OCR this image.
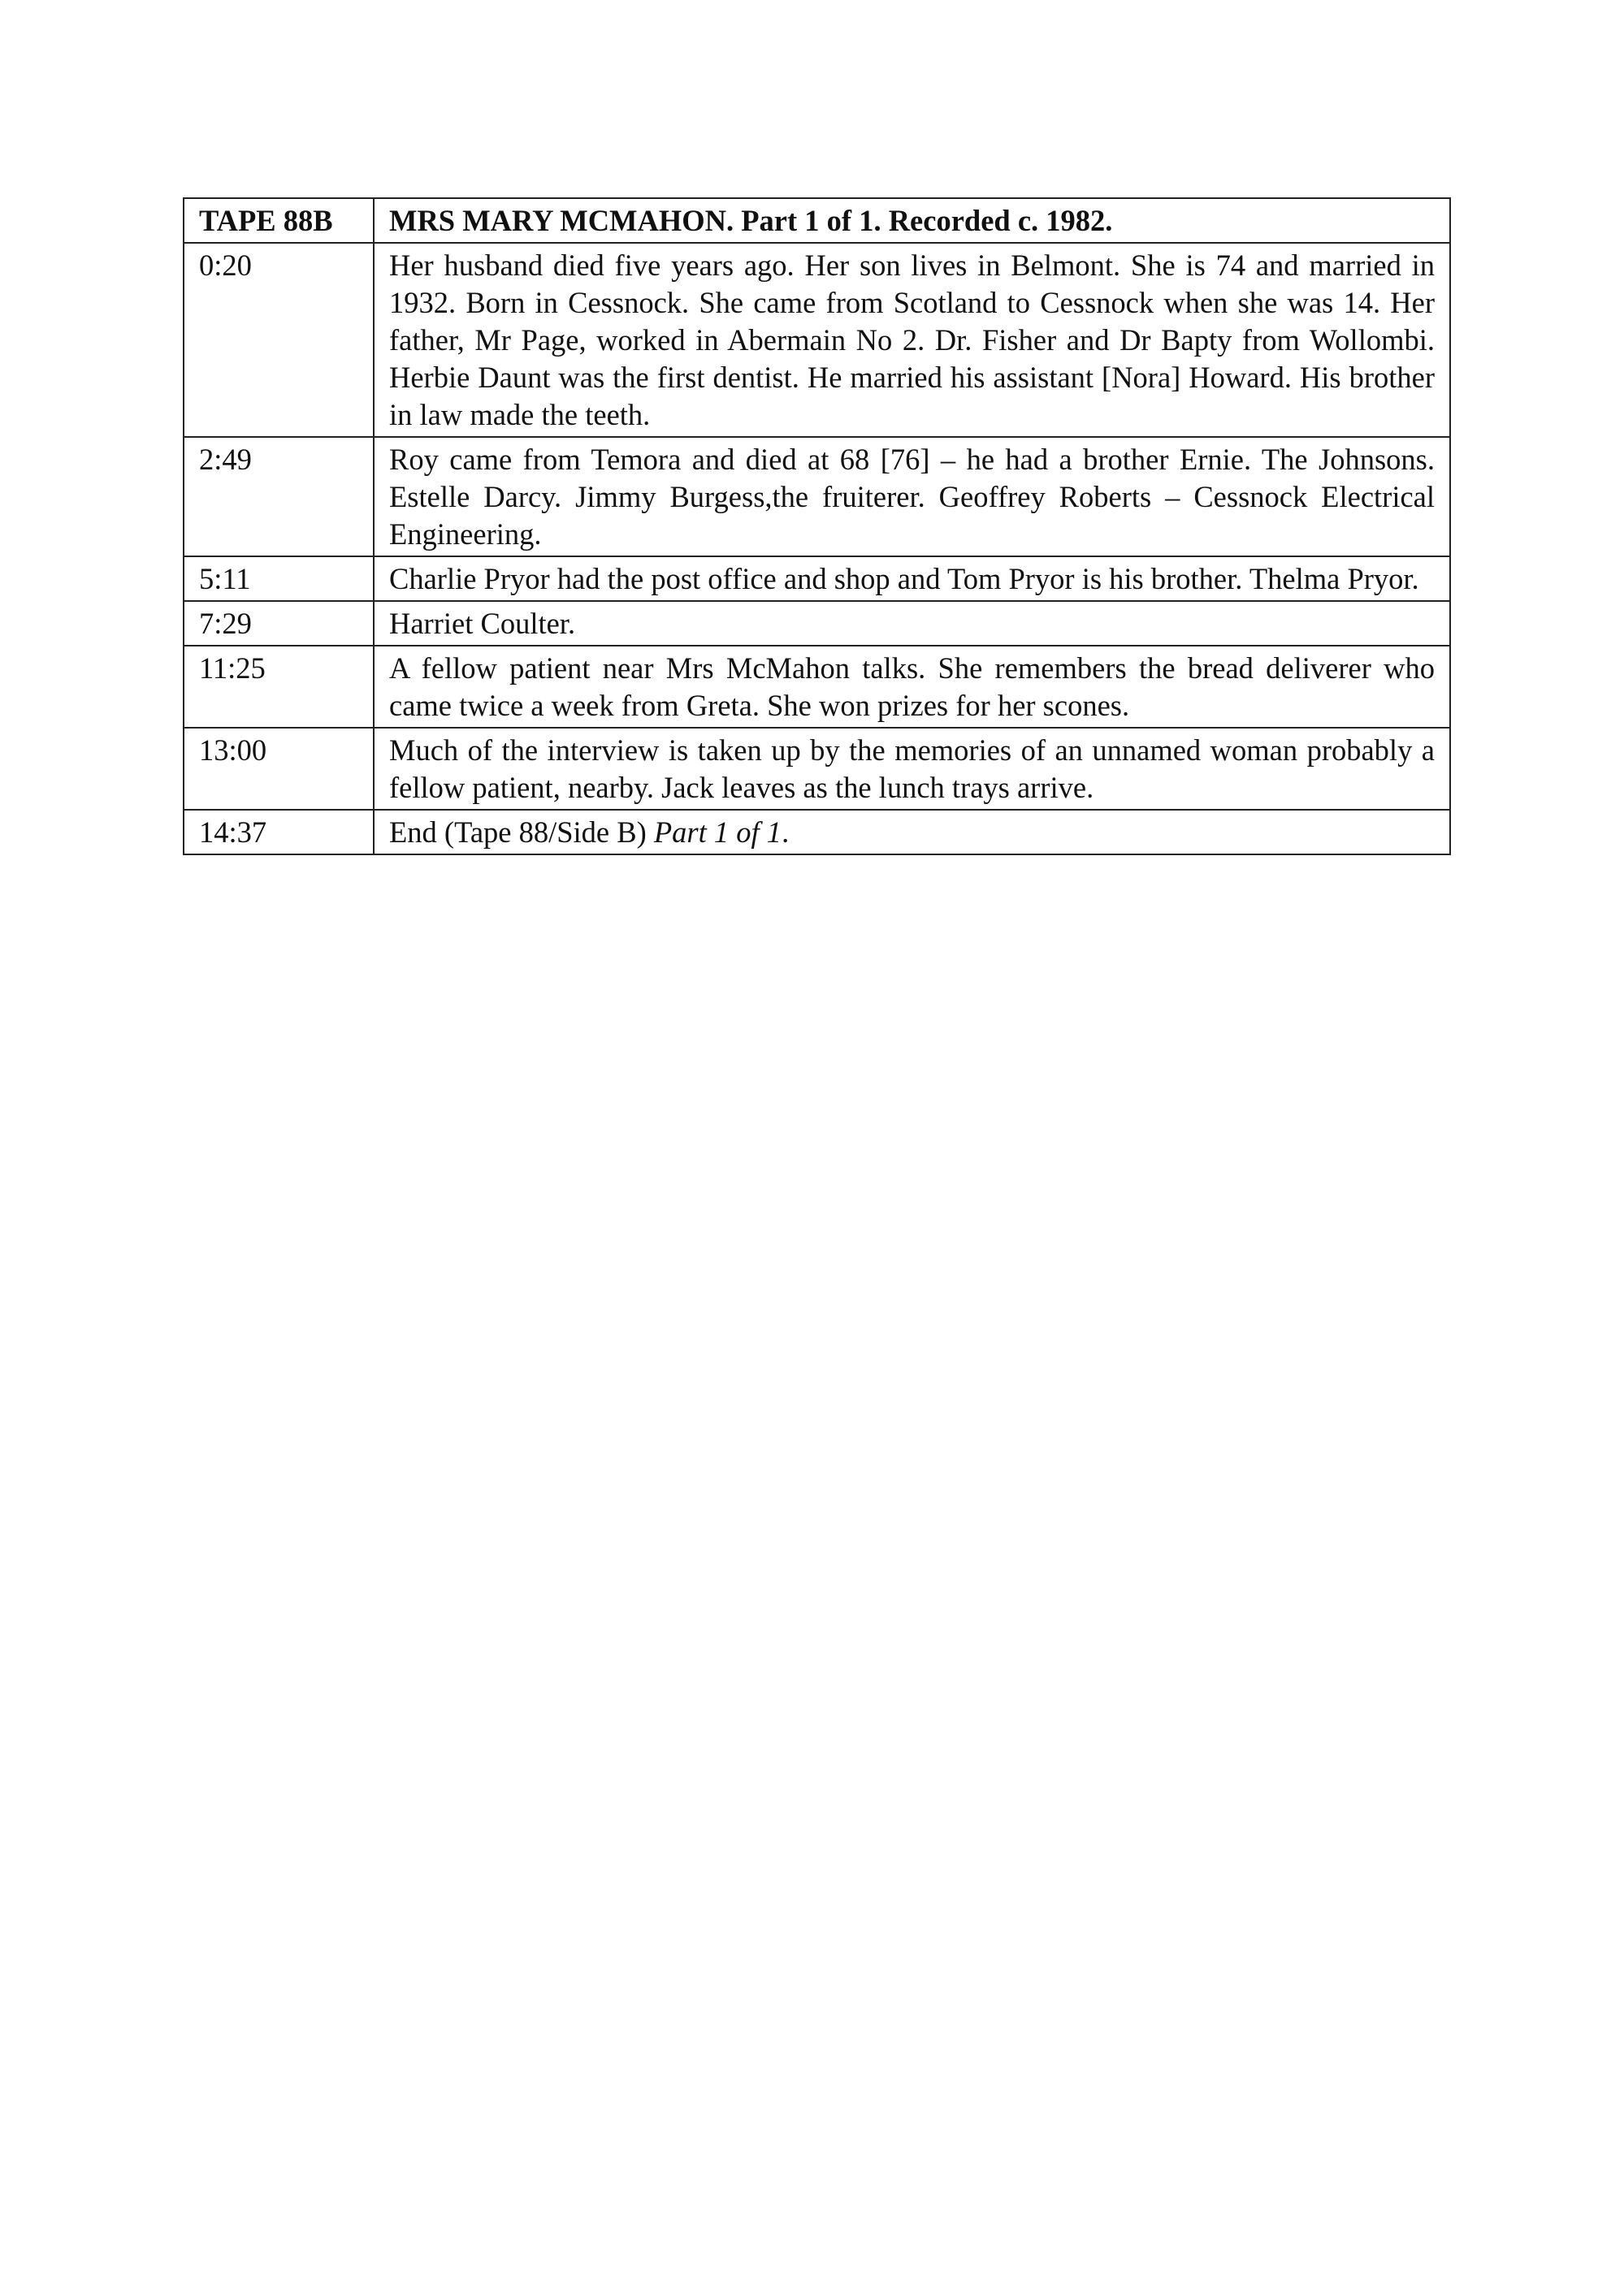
TAPE 88B	MRS MARY MCMAHON. Part 1 of 1. Recorded c. 1982.
0:20	Her husband died five years ago. Her son lives in Belmont. She is 74 and married in 1932. Born in Cessnock. She came from Scotland to Cessnock when she was 14. Her father, Mr Page, worked in Abermain No 2. Dr. Fisher and Dr Bapty from Wollombi. Herbie Daunt was the first dentist. He married his assistant [Nora] Howard. His brother in law made the teeth.
2:49	Roy came from Temora and died at 68 [76] – he had a brother Ernie. The Johnsons. Estelle Darcy. Jimmy Burgess,the fruiterer. Geoffrey Roberts – Cessnock Electrical Engineering.
5:11	Charlie Pryor had the post office and shop and Tom Pryor is his brother. Thelma Pryor.
7:29	Harriet Coulter.
11:25	A fellow patient near Mrs McMahon talks. She remembers the bread deliverer who came twice a week from Greta. She won prizes for her scones.
13:00	Much of the interview is taken up by the memories of an unnamed woman probably a fellow patient, nearby. Jack leaves as the lunch trays arrive.
14:37	End (Tape 88/Side B) Part 1 of 1.
